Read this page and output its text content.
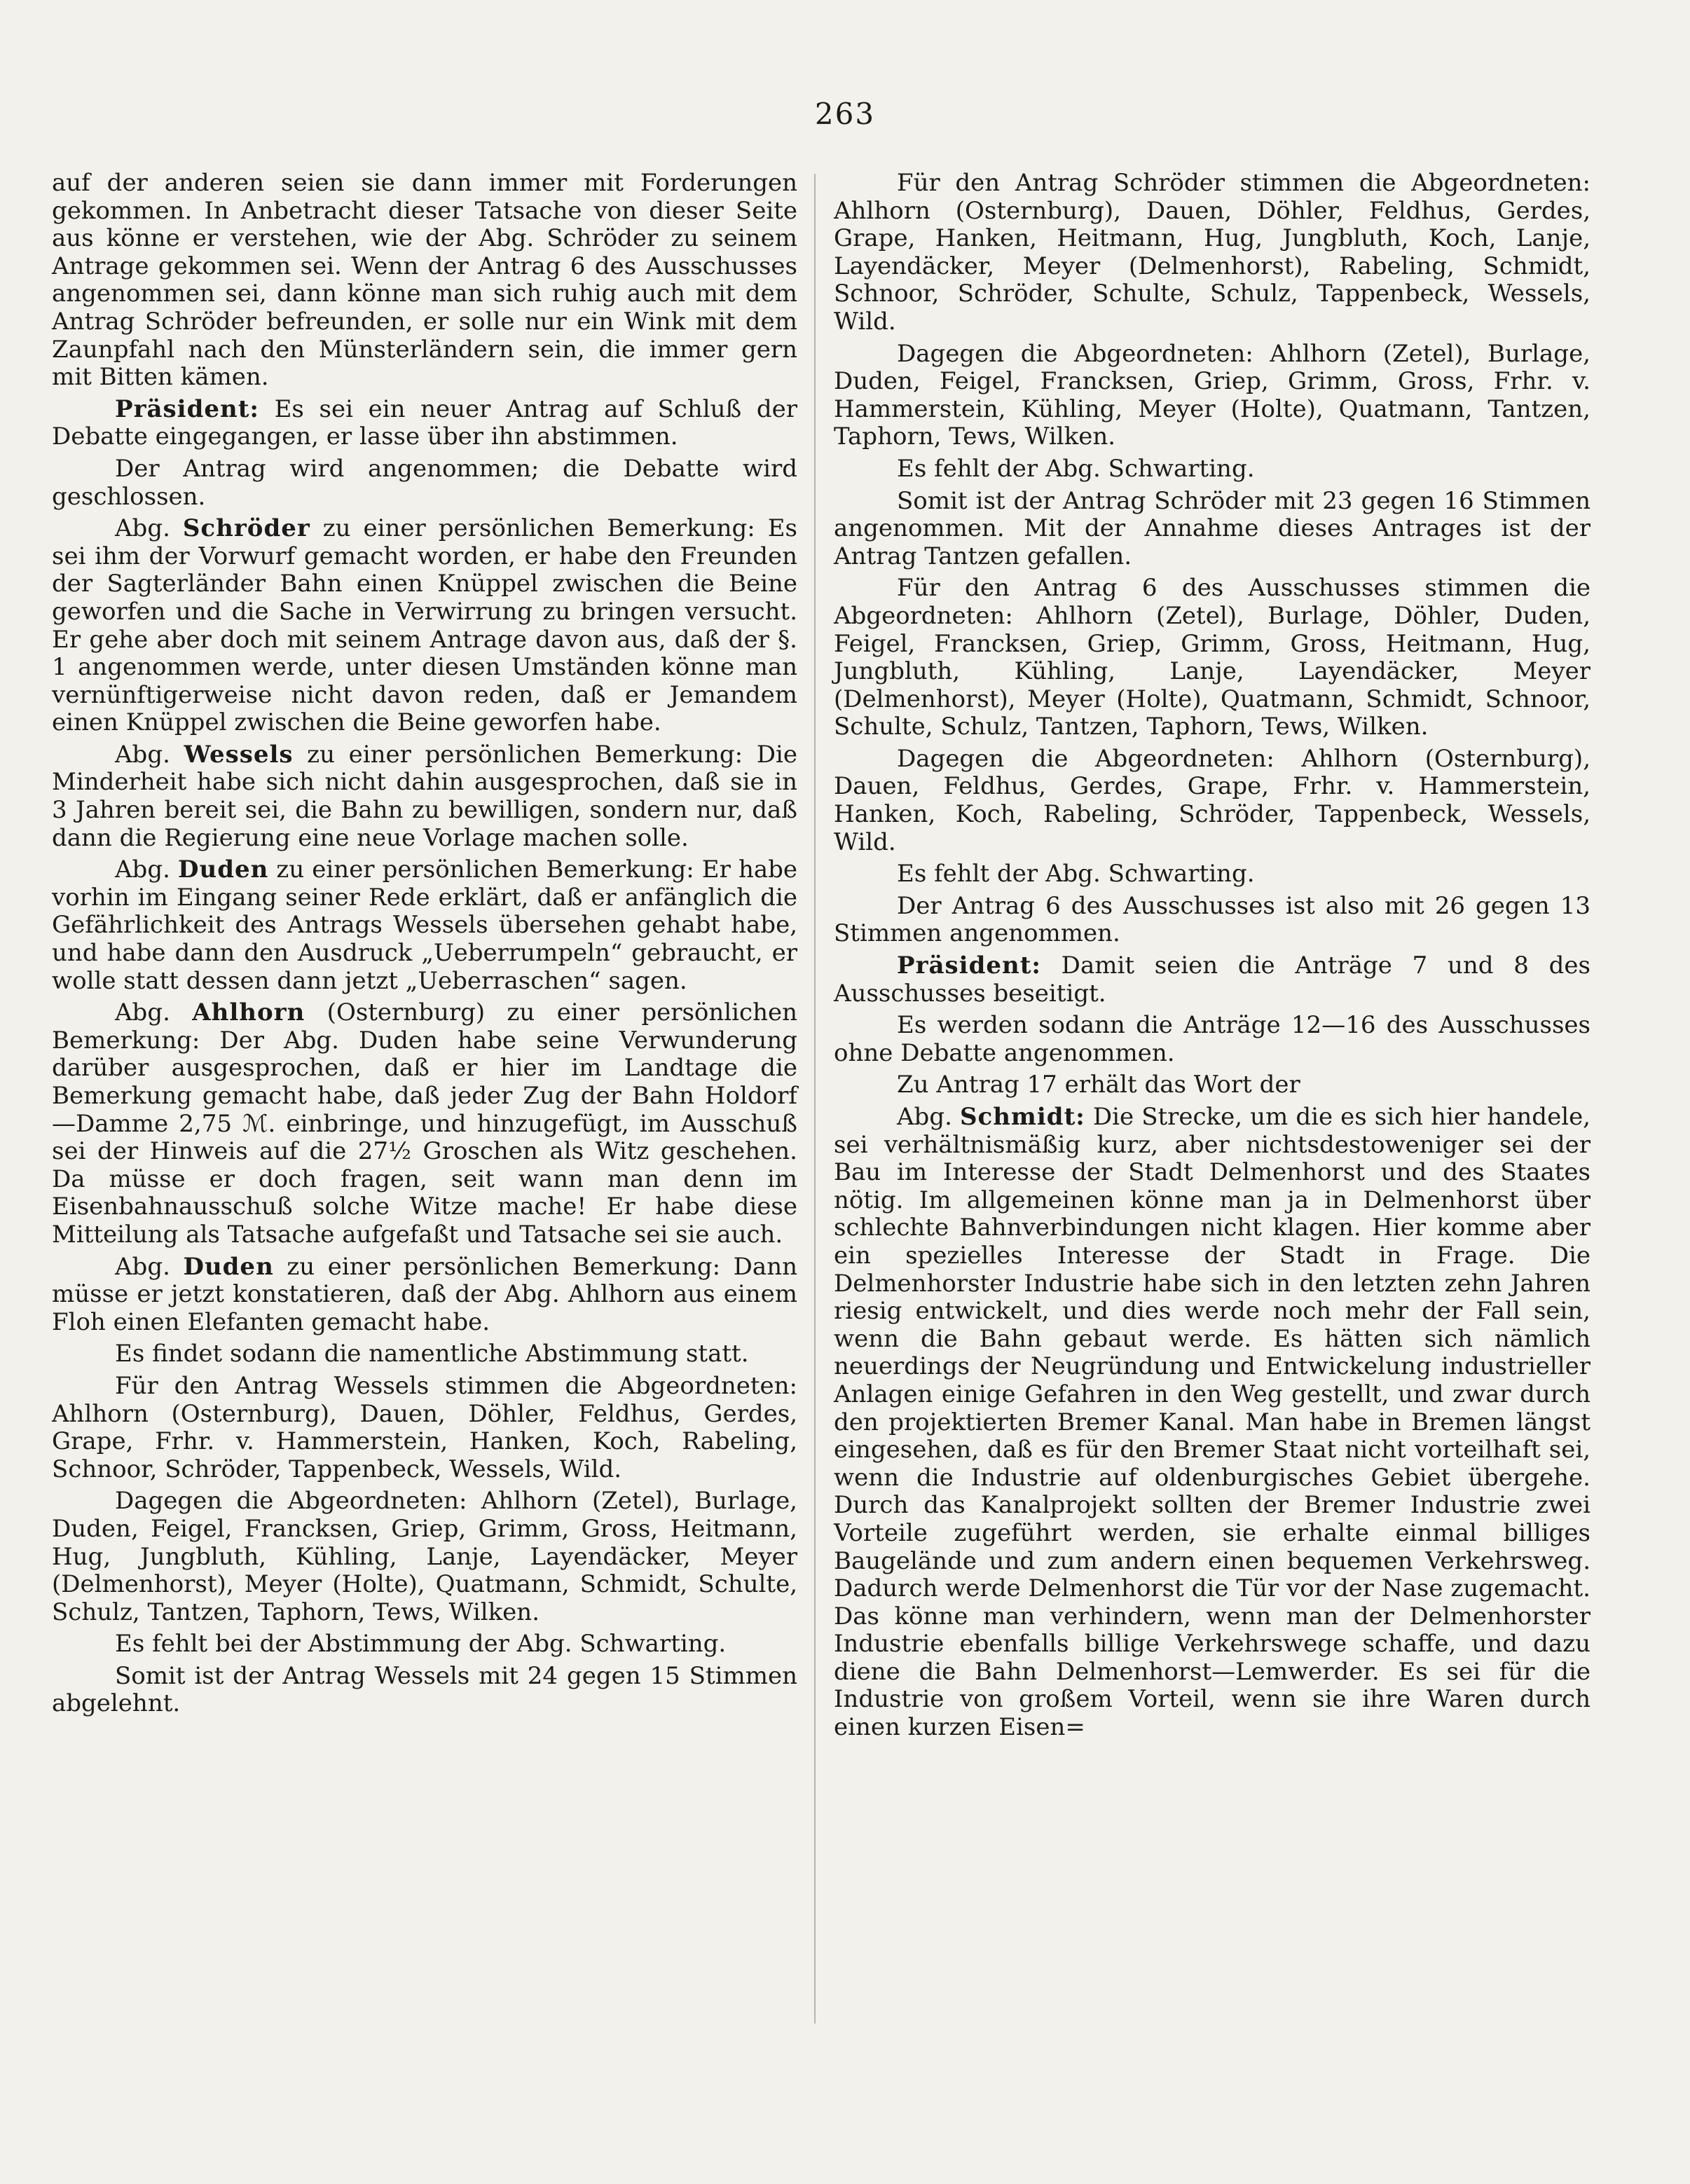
263

auf der anderen seien sie dann immer mit Forderungen gekommen. In Anbetracht dieser Tatsache von dieser Seite aus könne er verstehen, wie der Abg. Schröder zu seinem Antrage gekommen sei. Wenn der Antrag 6 des Ausschusses angenommen sei, dann könne man sich ruhig auch mit dem Antrag Schröder befreunden, er solle nur ein Wink mit dem Zaunpfahl nach den Münsterländern sein, die immer gern mit Bitten kämen.

Präsident: Es sei ein neuer Antrag auf Schluß der Debatte eingegangen, er lasse über ihn abstimmen.

Der Antrag wird angenommen; die Debatte wird geschlossen.

Abg. Schröder zu einer persönlichen Bemerkung: Es sei ihm der Vorwurf gemacht worden, er habe den Freunden der Sagterländer Bahn einen Knüppel zwischen die Beine geworfen und die Sache in Verwirrung zu bringen versucht. Er gehe aber doch mit seinem Antrage davon aus, daß der §. 1 angenommen werde, unter diesen Umständen könne man vernünftigerweise nicht davon reden, daß er Jemandem einen Knüppel zwischen die Beine geworfen habe.

Abg. Wessels zu einer persönlichen Bemerkung: Die Minderheit habe sich nicht dahin ausgesprochen, daß sie in 3 Jahren bereit sei, die Bahn zu bewilligen, sondern nur, daß dann die Regierung eine neue Vorlage machen solle.

Abg. Duden zu einer persönlichen Bemerkung: Er habe vorhin im Eingang seiner Rede erklärt, daß er anfänglich die Gefährlichkeit des Antrags Wessels übersehen gehabt habe, und habe dann den Ausdruck „Ueberrumpeln“ gebraucht, er wolle statt dessen dann jetzt „Ueberraschen“ sagen.

Abg. Ahlhorn (Osternburg) zu einer persönlichen Bemerkung: Der Abg. Duden habe seine Verwunderung darüber ausgesprochen, daß er hier im Landtage die Bemerkung gemacht habe, daß jeder Zug der Bahn Holdorf—Damme 2,75 ℳ. einbringe, und hinzugefügt, im Ausschuß sei der Hinweis auf die 27½ Groschen als Witz geschehen. Da müsse er doch fragen, seit wann man denn im Eisenbahnausschuß solche Witze mache! Er habe diese Mitteilung als Tatsache aufgefaßt und Tatsache sei sie auch.

Abg. Duden zu einer persönlichen Bemerkung: Dann müsse er jetzt konstatieren, daß der Abg. Ahlhorn aus einem Floh einen Elefanten gemacht habe.

Es findet sodann die namentliche Abstimmung statt.

Für den Antrag Wessels stimmen die Abgeordneten: Ahlhorn (Osternburg), Dauen, Döhler, Feldhus, Gerdes, Grape, Frhr. v. Hammerstein, Hanken, Koch, Rabeling, Schnoor, Schröder, Tappenbeck, Wessels, Wild.

Dagegen die Abgeordneten: Ahlhorn (Zetel), Burlage, Duden, Feigel, Francksen, Griep, Grimm, Gross, Heitmann, Hug, Jungbluth, Kühling, Lanje, Layendäcker, Meyer (Delmenhorst), Meyer (Holte), Quatmann, Schmidt, Schulte, Schulz, Tantzen, Taphorn, Tews, Wilken.

Es fehlt bei der Abstimmung der Abg. Schwarting.

Somit ist der Antrag Wessels mit 24 gegen 15 Stimmen abgelehnt.

Für den Antrag Schröder stimmen die Abgeordneten: Ahlhorn (Osternburg), Dauen, Döhler, Feldhus, Gerdes, Grape, Hanken, Heitmann, Hug, Jungbluth, Koch, Lanje, Layendäcker, Meyer (Delmenhorst), Rabeling, Schmidt, Schnoor, Schröder, Schulte, Schulz, Tappenbeck, Wessels, Wild.

Dagegen die Abgeordneten: Ahlhorn (Zetel), Burlage, Duden, Feigel, Francksen, Griep, Grimm, Gross, Frhr. v. Hammerstein, Kühling, Meyer (Holte), Quatmann, Tantzen, Taphorn, Tews, Wilken.

Es fehlt der Abg. Schwarting.

Somit ist der Antrag Schröder mit 23 gegen 16 Stimmen angenommen. Mit der Annahme dieses Antrages ist der Antrag Tantzen gefallen.

Für den Antrag 6 des Ausschusses stimmen die Abgeordneten: Ahlhorn (Zetel), Burlage, Döhler, Duden, Feigel, Francksen, Griep, Grimm, Gross, Heitmann, Hug, Jungbluth, Kühling, Lanje, Layendäcker, Meyer (Delmenhorst), Meyer (Holte), Quatmann, Schmidt, Schnoor, Schulte, Schulz, Tantzen, Taphorn, Tews, Wilken.

Dagegen die Abgeordneten: Ahlhorn (Osternburg), Dauen, Feldhus, Gerdes, Grape, Frhr. v. Hammerstein, Hanken, Koch, Rabeling, Schröder, Tappenbeck, Wessels, Wild.

Es fehlt der Abg. Schwarting.

Der Antrag 6 des Ausschusses ist also mit 26 gegen 13 Stimmen angenommen.

Präsident: Damit seien die Anträge 7 und 8 des Ausschusses beseitigt.

Es werden sodann die Anträge 12—16 des Ausschusses ohne Debatte angenommen.

Zu Antrag 17 erhält das Wort der

Abg. Schmidt: Die Strecke, um die es sich hier handele, sei verhältnismäßig kurz, aber nichtsdestoweniger sei der Bau im Interesse der Stadt Delmenhorst und des Staates nötig. Im allgemeinen könne man ja in Delmenhorst über schlechte Bahnverbindungen nicht klagen. Hier komme aber ein spezielles Interesse der Stadt in Frage. Die Delmenhorster Industrie habe sich in den letzten zehn Jahren riesig entwickelt, und dies werde noch mehr der Fall sein, wenn die Bahn gebaut werde. Es hätten sich nämlich neuerdings der Neugründung und Entwickelung industrieller Anlagen einige Gefahren in den Weg gestellt, und zwar durch den projektierten Bremer Kanal. Man habe in Bremen längst eingesehen, daß es für den Bremer Staat nicht vorteilhaft sei, wenn die Industrie auf oldenburgisches Gebiet übergehe. Durch das Kanalprojekt sollten der Bremer Industrie zwei Vorteile zugeführt werden, sie erhalte einmal billiges Baugelände und zum andern einen bequemen Verkehrsweg. Dadurch werde Delmenhorst die Tür vor der Nase zugemacht. Das könne man verhindern, wenn man der Delmenhorster Industrie ebenfalls billige Verkehrswege schaffe, und dazu diene die Bahn Delmenhorst—Lemwerder. Es sei für die Industrie von großem Vorteil, wenn sie ihre Waren durch einen kurzen Eisen=
